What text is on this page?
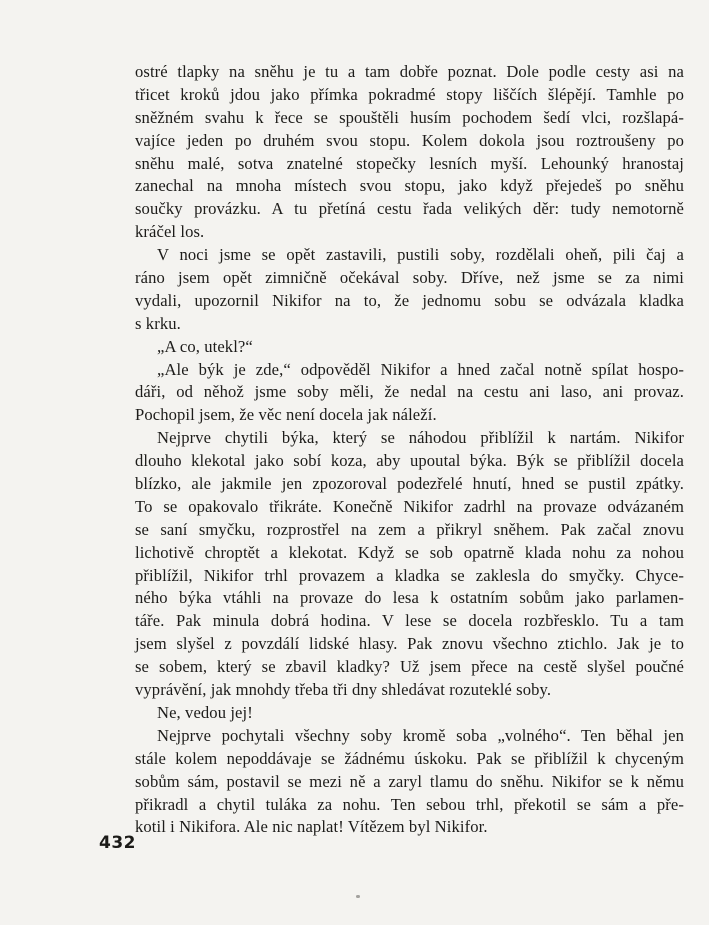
ostré tlapky na sněhu je tu a tam dobře poznat. Dole podle cesty asi na
třicet kroků jdou jako přímka pokradmé stopy liščích šlépějí. Tamhle po
sněžném svahu k řece se spouštěli husím pochodem šedí vlci, rozšlapá-
vajíce jeden po druhém svou stopu. Kolem dokola jsou roztroušeny po
sněhu malé, sotva znatelné stopečky lesních myší. Lehounký hranostaj
zanechal na mnoha místech svou stopu, jako když přejedeš po sněhu
součky provázku. A tu přetíná cestu řada velikých děr: tudy nemotorně
kráčel los.
V noci jsme se opět zastavili, pustili soby, rozdělali oheň, pili čaj a
ráno jsem opět zimničně očekával soby. Dříve, než jsme se za nimi
vydali, upozornil Nikifor na to, že jednomu sobu se odvázala kladka
s krku.
„A co, utekl?“
„Ale býk je zde,“ odpověděl Nikifor a hned začal notně spílat hospo-
dáři, od něhož jsme soby měli, že nedal na cestu ani laso, ani provaz.
Pochopil jsem, že věc není docela jak náleží.
Nejprve chytili býka, který se náhodou přiblížil k nartám. Nikifor
dlouho klekotal jako sobí koza, aby upoutal býka. Býk se přiblížil docela
blízko, ale jakmile jen zpozoroval podezřelé hnutí, hned se pustil zpátky.
To se opakovalo třikráte. Konečně Nikifor zadrhl na provaze odvázaném
se saní smyčku, rozprostřel na zem a přikryl sněhem. Pak začal znovu
lichotivě chroptět a klekotat. Když se sob opatrně klada nohu za nohou
přiblížil, Nikifor trhl provazem a kladka se zaklesla do smyčky. Chyce-
ného býka vtáhli na provaze do lesa k ostatním sobům jako parlamen-
táře. Pak minula dobrá hodina. V lese se docela rozbřesklo. Tu a tam
jsem slyšel z povzdálí lidské hlasy. Pak znovu všechno ztichlo. Jak je to
se sobem, který se zbavil kladky? Už jsem přece na cestě slyšel poučné
vyprávění, jak mnohdy třeba tři dny shledávat rozuteklé soby.
Ne, vedou jej!
Nejprve pochytali všechny soby kromě soba „volného“. Ten běhal jen
stále kolem nepoddávaje se žádnému úskoku. Pak se přiblížil k chyceným
sobům sám, postavil se mezi ně a zaryl tlamu do sněhu. Nikifor se k němu
přikradl a chytil tuláka za nohu. Ten sebou trhl, překotil se sám a pře-
kotil i Nikifora. Ale nic naplat! Vítězem byl Nikifor.
432
